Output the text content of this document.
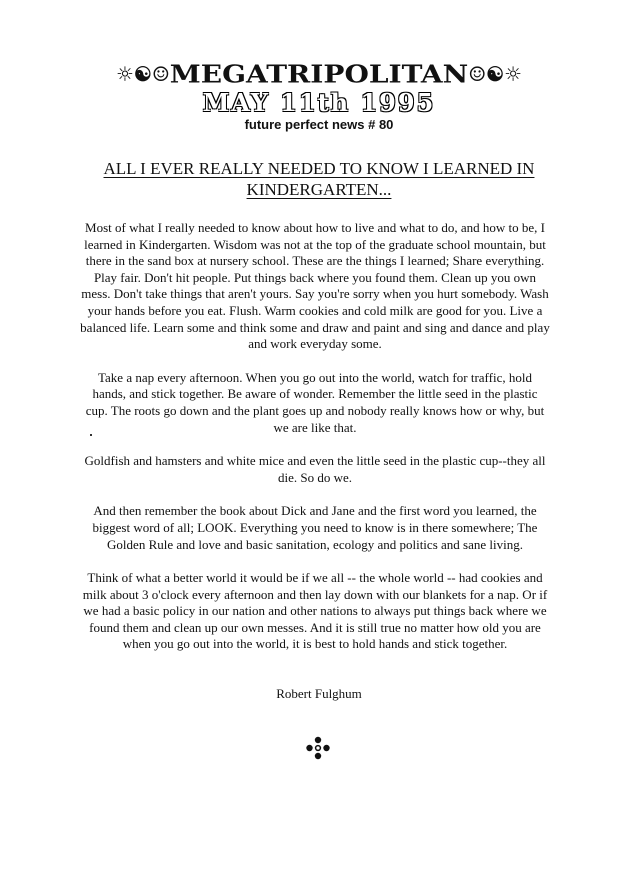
☼☯☺MEGATRIPOLITAN☺☯☼
MAY 11th 1995
future perfect news # 80
ALL I EVER REALLY NEEDED TO KNOW I LEARNED IN KINDERGARTEN...

Most of what I really needed to know about how to live and what to do, and how to be, I learned in Kindergarten. Wisdom was not at the top of the graduate school mountain, but there in the sand box at nursery school. These are the things I learned; Share everything. Play fair. Don't hit people. Put things back where you found them. Clean up you own mess. Don't take things that aren't yours. Say you're sorry when you hurt somebody. Wash your hands before you eat. Flush. Warm cookies and cold milk are good for you. Live a balanced life. Learn some and think some and draw and paint and sing and dance and play and work everyday some.

Take a nap every afternoon. When you go out into the world, watch for traffic, hold hands, and stick together. Be aware of wonder. Remember the little seed in the plastic cup. The roots go down and the plant goes up and nobody really knows how or why, but we are like that.

Goldfish and hamsters and white mice and even the little seed in the plastic cup--they all die. So do we.

And then remember the book about Dick and Jane and the first word you learned, the biggest word of all; LOOK. Everything you need to know is in there somewhere; The Golden Rule and love and basic sanitation, ecology and politics and sane living.

Think of what a better world it would be if we all -- the whole world -- had cookies and milk about 3 o'clock every afternoon and then lay down with our blankets for a nap. Or if we had a basic policy in our nation and other nations to always put things back where we found them and clean up our own messes. And it is still true no matter how old you are when you go out into the world, it is best to hold hands and stick together.

Robert Fulghum
